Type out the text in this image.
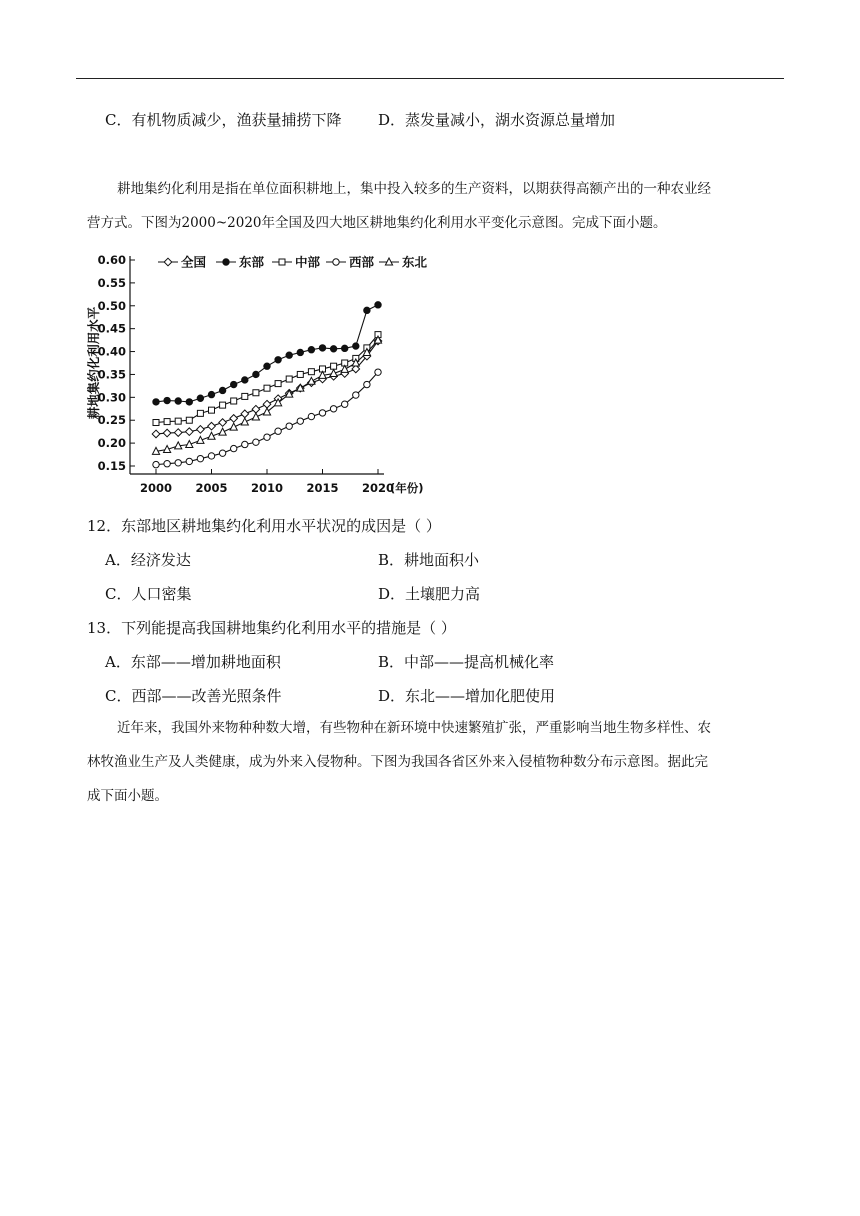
C．有机物质减少，渔获量捕捞下降 D．蒸发量减小，湖水资源总量增加
耕地集约化利用是指在单位面积耕地上，集中投入较多的生产资料，以期获得高额产出的一种农业经
营方式。下图为2000~2020年全国及四大地区耕地集约化利用水平变化示意图。完成下面小题。
0.15
0.20
0.25
0.30
0.35
0.40
0.45
0.50
0.55
0.60
2000 2005 2010 2015 2020
(年份)
耕地集约化利用水平
全国	东部 中部 西部 东北
12．东部地区耕地集约化利用水平状况的成因是（ ）
A．经济发达	B．耕地面积小
C．人口密集	D．土壤肥力高
13．下列能提高我国耕地集约化利用水平的措施是（ ）
A．东部——增加耕地面积	B．中部——提高机械化率
C．西部——改善光照条件	D．东北——增加化肥使用
近年来，我国外来物种种数大增，有些物种在新环境中快速繁殖扩张，严重影响当地生物多样性、农
林牧渔业生产及人类健康，成为外来入侵物种。下图为我国各省区外来入侵植物种数分布示意图。据此完
成下面小题。
